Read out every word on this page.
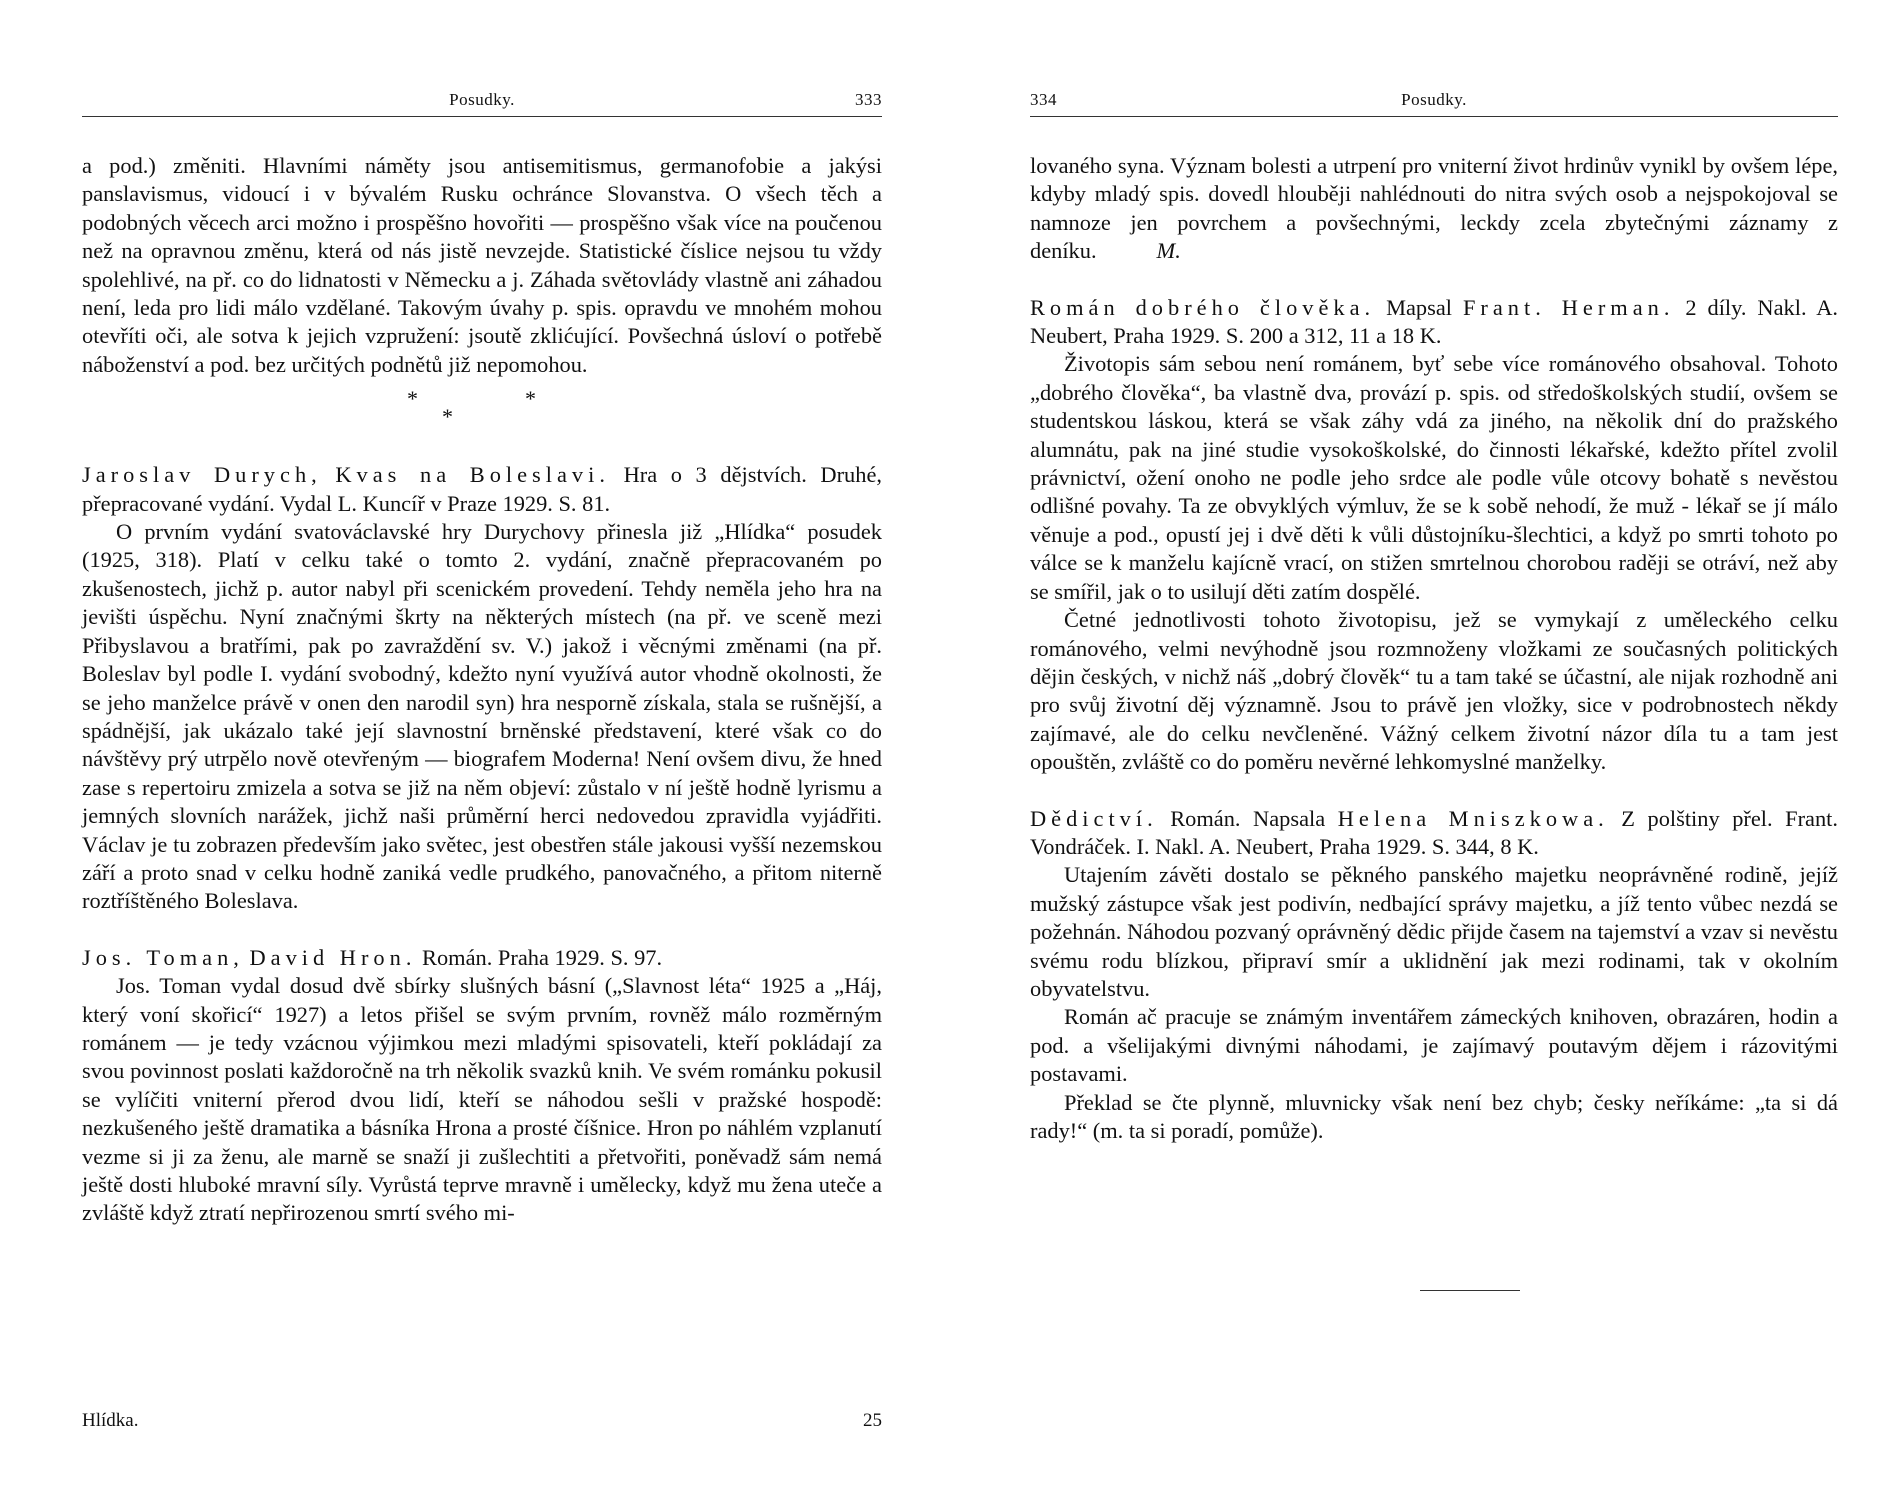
Posudky.	333

a pod.) změniti. Hlavními náměty jsou antisemitismus, germanofobie a jakýsi panslavismus, vidoucí i v bývalém Rusku ochránce Slovanstva. O všech těch a podobných věcech arci možno i prospěšno hovořiti — prospěšno však více na poučenou než na opravnou změnu, která od nás jistě nevzejde. Statistické číslice nejsou tu vždy spolehlivé, na př. co do lidnatosti v Německu a j. Záhada světovlády vlastně ani záhadou není, leda pro lidi málo vzdělané. Takovým úvahy p. spis. opravdu ve mnohém mohou otevříti oči, ale sotva k jejich vzpružení: jsoutě zklićující. Povšechná úsloví o potřebě náboženství a pod. bez určitých podnětů již nepomohou.

*
*
*

Jaroslav Durych, Kvas na Boleslavi. Hra o 3 dějstvích. Druhé, přepracované vydání. Vydal L. Kuncíř v Praze 1929. S. 81.

O prvním vydání svatováclavské hry Durychovy přinesla již „Hlídka“ posudek (1925, 318). Platí v celku také o tomto 2. vydání, značně přepracovaném po zkušenostech, jichž p. autor nabyl při scenickém provedení. Tehdy neměla jeho hra na jevišti úspěchu. Nyní značnými škrty na některých místech (na př. ve sceně mezi Přibyslavou a bratřími, pak po zavraždění sv. V.) jakož i věcnými změnami (na př. Boleslav byl podle I. vydání svobodný, kdežto nyní využívá autor vhodně okolnosti, že se jeho manželce právě v onen den narodil syn) hra nesporně získala, stala se rušnější, a spádnější, jak ukázalo také její slavnostní brněnské představení, které však co do návštěvy prý utrpělo nově otevřeným — biografem Moderna! Není ovšem divu, že hned zase s repertoiru zmizela a sotva se již na něm objeví: zůstalo v ní ještě hodně lyrismu a jemných slovních narážek, jichž naši průměrní herci nedovedou zpravidla vyjádřiti. Václav je tu zobrazen především jako světec, jest obestřen stále jakousi vyšší nezemskou září a proto snad v celku hodně zaniká vedle prudkého, panovačného, a přitom niterně roztříštěného Boleslava.

Jos. Toman, David Hron. Román. Praha 1929. S. 97.

Jos. Toman vydal dosud dvě sbírky slušných básní („Slavnost léta“ 1925 a „Háj, který voní skořicí“ 1927) a letos přišel se svým prvním, rovněž málo rozměrným románem — je tedy vzácnou výjimkou mezi mladými spisovateli, kteří pokládají za svou povinnost poslati každoročně na trh několik svazků knih. Ve svém románku pokusil se vylíčiti vniterní přerod dvou lidí, kteří se náhodou sešli v pražské hospodě: nezkušeného ještě dramatika a básníka Hrona a prosté číšnice. Hron po náhlém vzplanutí vezme si ji za ženu, ale marně se snaží ji zušlechtiti a přetvořiti, poněvadž sám nemá ještě dosti hluboké mravní síly. Vyrůstá teprve mravně i umělecky, když mu žena uteče a zvláště když ztratí nepřirozenou smrtí svého mi-

Hlídka.	25
334	Posudky.

lovaného syna. Význam bolesti a utrpení pro vniterní život hrdinův vynikl by ovšem lépe, kdyby mladý spis. dovedl hlouběji nahlédnouti do nitra svých osob a nejspokojoval se namnoze jen povrchem a povšechnými, leckdy zcela zbytečnými záznamy z deníku.	M.

Román dobrého člověka. Mapsal Frant. Herman. 2 díly. Nakl. A. Neubert, Praha 1929. S. 200 a 312, 11 a 18 K.

Životopis sám sebou není románem, byť sebe více románového obsahoval. Tohoto „dobrého člověka“, ba vlastně dva, provází p. spis. od středoškolských studií, ovšem se studentskou láskou, která se však záhy vdá za jiného, na několik dní do pražského alumnátu, pak na jiné studie vysokoškolské, do činnosti lékařské, kdežto přítel zvolil právnictví, ožení onoho ne podle jeho srdce ale podle vůle otcovy bohatě s nevěstou odlišné povahy. Ta ze obvyklých výmluv, že se k sobě nehodí, že muž - lékař se jí málo věnuje a pod., opustí jej i dvě děti k vůli důstojníku-šlechtici, a když po smrti tohoto po válce se k manželu kajícně vrací, on stižen smrtelnou chorobou raději se otráví, než aby se smířil, jak o to usilují děti zatím dospělé.

Četné jednotlivosti tohoto životopisu, jež se vymykají z uměleckého celku románového, velmi nevýhodně jsou rozmnoženy vložkami ze současných politických dějin českých, v nichž náš „dobrý člověk“ tu a tam také se účastní, ale nijak rozhodně ani pro svůj životní děj významně. Jsou to právě jen vložky, sice v podrobnostech někdy zajímavé, ale do celku nevčleněné. Vážný celkem životní názor díla tu a tam jest opouštěn, zvláště co do poměru nevěrné lehkomyslné manželky.

Dědictví. Román. Napsala Helena Mniszkowa. Z polštiny přel. Frant. Vondráček. I. Nakl. A. Neubert, Praha 1929. S. 344, 8 K.

Utajením závěti dostalo se pěkného panského majetku neoprávněné rodině, jejíž mužský zástupce však jest podivín, nedbající správy majetku, a jíž tento vůbec nezdá se požehnán. Náhodou pozvaný oprávněný dědic přijde časem na tajemství a vzav si nevěstu svému rodu blízkou, připraví smír a uklidnění jak mezi rodinami, tak v okolním obyvatelstvu.

Román ač pracuje se známým inventářem zámeckých knihoven, obrazáren, hodin a pod. a všelijakými divnými náhodami, je zajímavý poutavým dějem i rázovitými postavami.

Překlad se čte plynně, mluvnicky však není bez chyb; česky neříkáme: „ta si dá rady!“ (m. ta si poradí, pomůže).
